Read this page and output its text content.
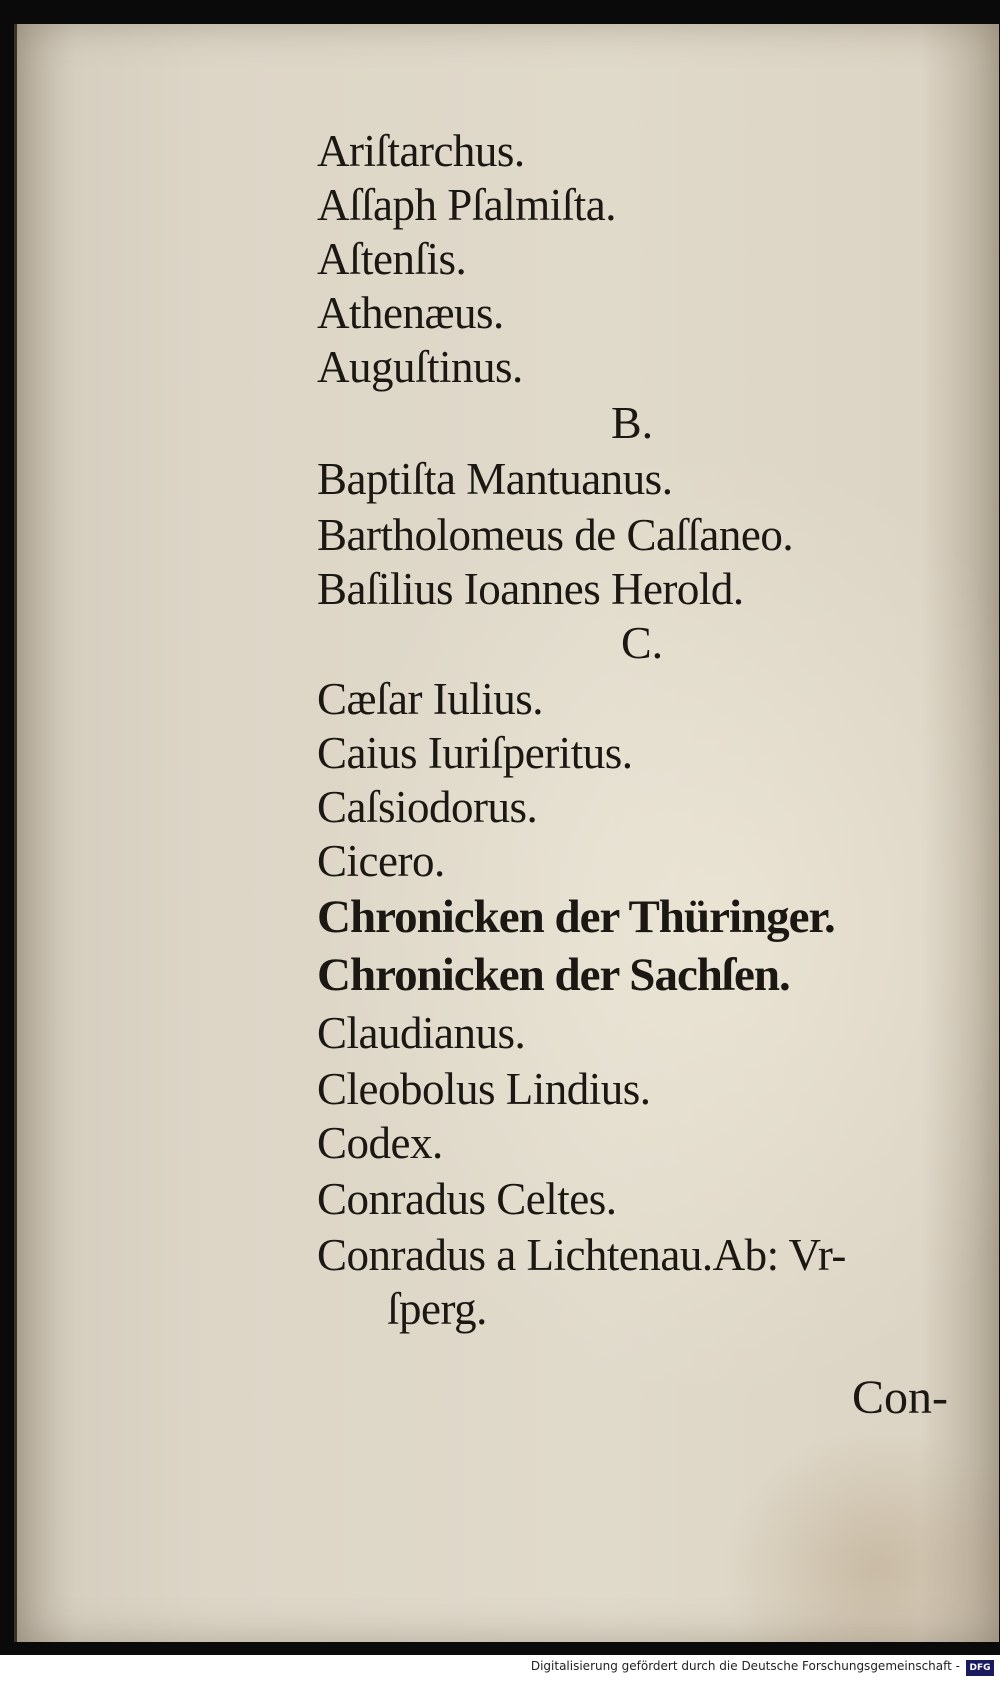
Ariſtarchus.
Aſſaph Pſalmiſta.
Aſtenſis.
Athenæus.
Auguſtinus.
B.
Baptiſta Mantuanus.
Bartholomeus de Caſſaneo.
Baſilius Ioannes Herold.
C.
Cæſar Iulius.
Caius Iuriſperitus.
Caſsiodorus.
Cicero.
Chronicken der Thüringer.
Chronicken der Sachſen.
Claudianus.
Cleobolus Lindius.
Codex.
Conradus Celtes.
Conradus a Lichtenau.Ab: Vr-
ſperg.
Con-
Digitalisierung gefördert durch die Deutsche Forschungsgemeinschaft -	DFG
